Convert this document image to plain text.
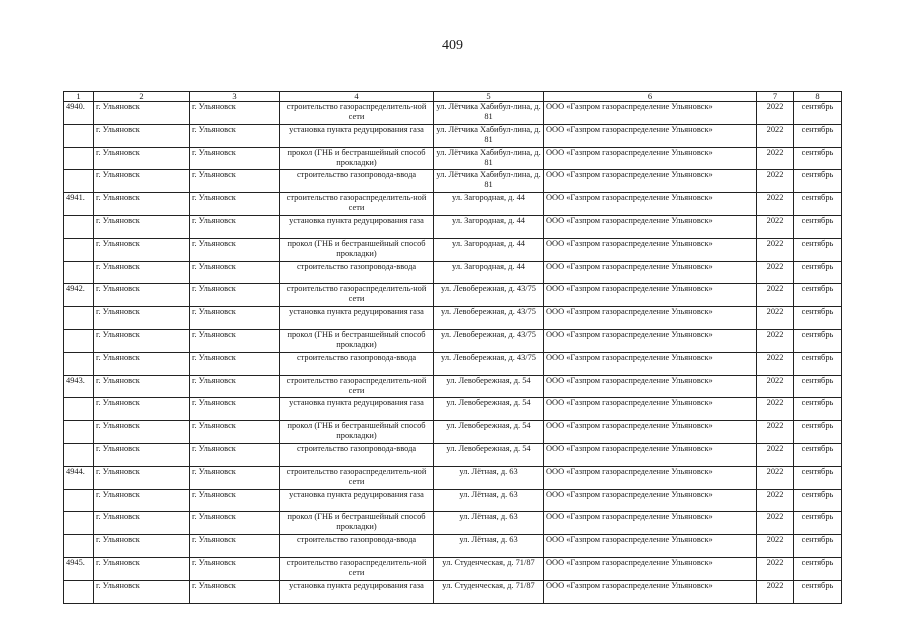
409
1	2	3	4	5	6	7	8
4940.	г. Ульяновск	г. Ульяновск	строительство газораспределитель-ной сети	ул. Лётчика Хабибул-лина, д. 81	ООО «Газпром газораспределение Ульяновск»	2022	сентябрь
	г. Ульяновск	г. Ульяновск	установка пункта редуцирования газа	ул. Лётчика Хабибул-лина, д. 81	ООО «Газпром газораспределение Ульяновск»	2022	сентябрь
	г. Ульяновск	г. Ульяновск	прокол (ГНБ и бестраншейный способ прокладки)	ул. Лётчика Хабибул-лина, д. 81	ООО «Газпром газораспределение Ульяновск»	2022	сентябрь
	г. Ульяновск	г. Ульяновск	строительство газопровода-ввода	ул. Лётчика Хабибул-лина, д. 81	ООО «Газпром газораспределение Ульяновск»	2022	сентябрь
4941.	г. Ульяновск	г. Ульяновск	строительство газораспределитель-ной сети	ул. Загородная, д. 44	ООО «Газпром газораспределение Ульяновск»	2022	сентябрь
	г. Ульяновск	г. Ульяновск	установка пункта редуцирования газа	ул. Загородная, д. 44	ООО «Газпром газораспределение Ульяновск»	2022	сентябрь
	г. Ульяновск	г. Ульяновск	прокол (ГНБ и бестраншейный способ прокладки)	ул. Загородная, д. 44	ООО «Газпром газораспределение Ульяновск»	2022	сентябрь
	г. Ульяновск	г. Ульяновск	строительство газопровода-ввода	ул. Загородная, д. 44	ООО «Газпром газораспределение Ульяновск»	2022	сентябрь
4942.	г. Ульяновск	г. Ульяновск	строительство газораспределитель-ной сети	ул. Левобережная, д. 43/75	ООО «Газпром газораспределение Ульяновск»	2022	сентябрь
	г. Ульяновск	г. Ульяновск	установка пункта редуцирования газа	ул. Левобережная, д. 43/75	ООО «Газпром газораспределение Ульяновск»	2022	сентябрь
	г. Ульяновск	г. Ульяновск	прокол (ГНБ и бестраншейный способ прокладки)	ул. Левобережная, д. 43/75	ООО «Газпром газораспределение Ульяновск»	2022	сентябрь
	г. Ульяновск	г. Ульяновск	строительство газопровода-ввода	ул. Левобережная, д. 43/75	ООО «Газпром газораспределение Ульяновск»	2022	сентябрь
4943.	г. Ульяновск	г. Ульяновск	строительство газораспределитель-ной сети	ул. Левобережная, д. 54	ООО «Газпром газораспределение Ульяновск»	2022	сентябрь
	г. Ульяновск	г. Ульяновск	установка пункта редуцирования газа	ул. Левобережная, д. 54	ООО «Газпром газораспределение Ульяновск»	2022	сентябрь
	г. Ульяновск	г. Ульяновск	прокол (ГНБ и бестраншейный способ прокладки)	ул. Левобережная, д. 54	ООО «Газпром газораспределение Ульяновск»	2022	сентябрь
	г. Ульяновск	г. Ульяновск	строительство газопровода-ввода	ул. Левобережная, д. 54	ООО «Газпром газораспределение Ульяновск»	2022	сентябрь
4944.	г. Ульяновск	г. Ульяновск	строительство газораспределитель-ной сети	ул. Лётная, д. 63	ООО «Газпром газораспределение Ульяновск»	2022	сентябрь
	г. Ульяновск	г. Ульяновск	установка пункта редуцирования газа	ул. Лётная, д. 63	ООО «Газпром газораспределение Ульяновск»	2022	сентябрь
	г. Ульяновск	г. Ульяновск	прокол (ГНБ и бестраншейный способ прокладки)	ул. Лётная, д. 63	ООО «Газпром газораспределение Ульяновск»	2022	сентябрь
	г. Ульяновск	г. Ульяновск	строительство газопровода-ввода	ул. Лётная, д. 63	ООО «Газпром газораспределение Ульяновск»	2022	сентябрь
4945.	г. Ульяновск	г. Ульяновск	строительство газораспределитель-ной сети	ул. Студенческая, д. 71/87	ООО «Газпром газораспределение Ульяновск»	2022	сентябрь
	г. Ульяновск	г. Ульяновск	установка пункта редуцирования газа	ул. Студенческая, д. 71/87	ООО «Газпром газораспределение Ульяновск»	2022	сентябрь
